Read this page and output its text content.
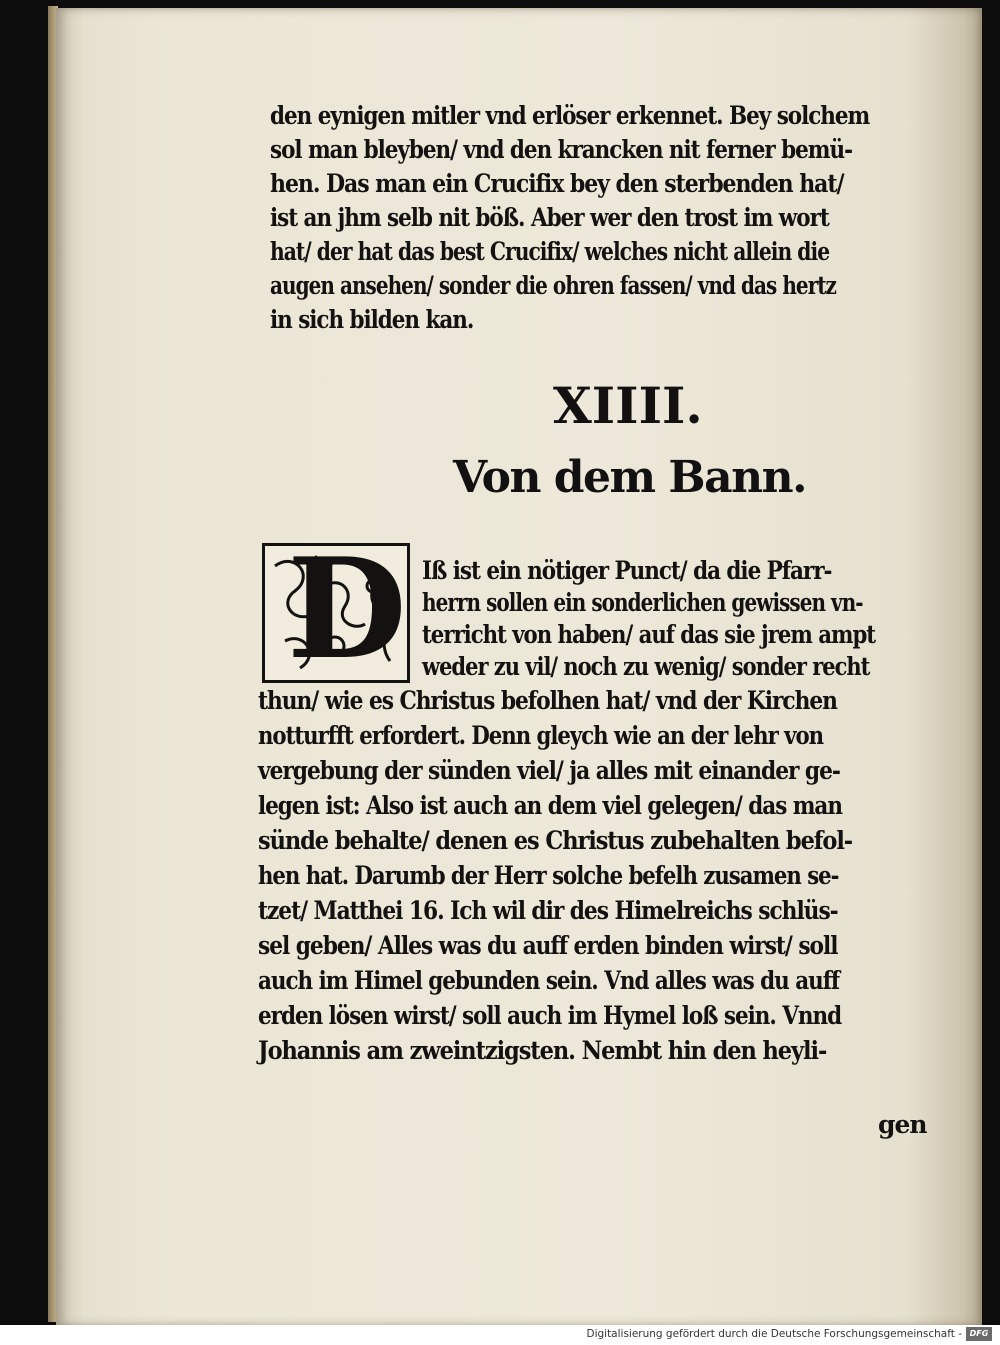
den eynigen mitler vnd erlöser erkennet. Bey solchem
sol man bleyben/ vnd den krancken nit ferner bemü-
hen. Das man ein Crucifix bey den sterbenden hat/
ist an jhm selb nit böß. Aber wer den trost im wort
hat/ der hat das best Crucifix/ welches nicht allein die
augen ansehen/ sonder die ohren fassen/ vnd das hertz
in sich bilden kan.
XIIII.
Von dem Bann.
D Iß ist ein nötiger Punct/ da die Pfarr-
herrn sollen ein sonderlichen gewissen vn-
terricht von haben/ auf das sie jrem ampt
weder zu vil/ noch zu wenig/ sonder recht
thun/ wie es Christus befolhen hat/ vnd der Kirchen
notturfft erfordert. Denn gleych wie an der lehr von
vergebung der sünden viel/ ja alles mit einander ge-
legen ist: Also ist auch an dem viel gelegen/ das man
sünde behalte/ denen es Christus zubehalten befol-
hen hat. Darumb der Herr solche befelh zusamen se-
tzet/ Matthei 16. Ich wil dir des Himelreichs schlüs-
sel geben/ Alles was du auff erden binden wirst/ soll
auch im Himel gebunden sein. Vnd alles was du auff
erden lösen wirst/ soll auch im Hymel loß sein. Vnnd
Johannis am zweintzigsten. Nembt hin den heyli-
gen
Digitalisierung gefördert durch die Deutsche Forschungsgemeinschaft - DFG
